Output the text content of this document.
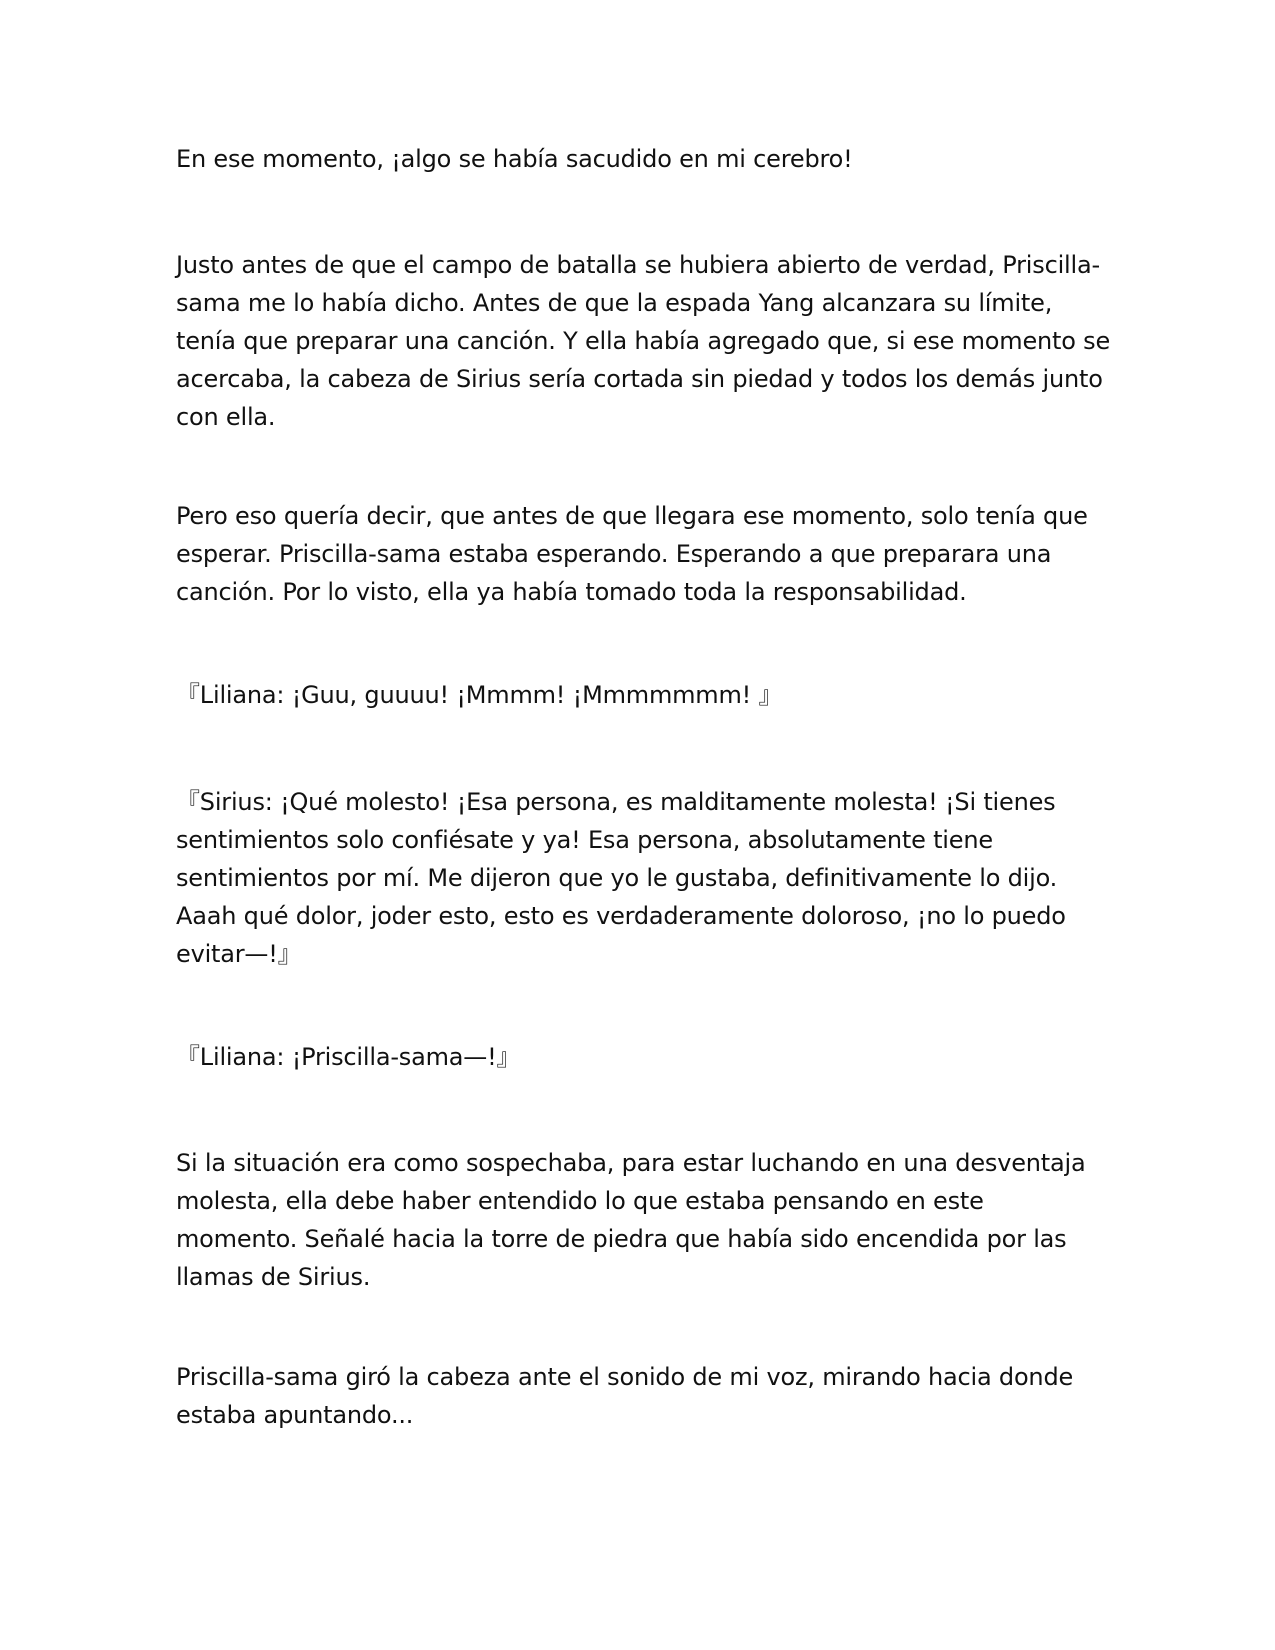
En ese momento, ¡algo se había sacudido en mi cerebro!

Justo antes de que el campo de batalla se hubiera abierto de verdad, Priscilla-sama me lo había dicho. Antes de que la espada Yang alcanzara su límite, tenía que preparar una canción. Y ella había agregado que, si ese momento se acercaba, la cabeza de Sirius sería cortada sin piedad y todos los demás junto con ella.

Pero eso quería decir, que antes de que llegara ese momento, solo tenía que esperar. Priscilla-sama estaba esperando. Esperando a que preparara una canción. Por lo visto, ella ya había tomado toda la responsabilidad.

『Liliana: ¡Guu, guuuu! ¡Mmmm! ¡Mmmmmmm! 』

『Sirius: ¡Qué molesto! ¡Esa persona, es malditamente molesta! ¡Si tienes sentimientos solo confiésate y ya! Esa persona, absolutamente tiene sentimientos por mí. Me dijeron que yo le gustaba, definitivamente lo dijo. Aaah qué dolor, joder esto, esto es verdaderamente doloroso, ¡no lo puedo evitar—!』

『Liliana: ¡Priscilla-sama—!』

Si la situación era como sospechaba, para estar luchando en una desventaja molesta, ella debe haber entendido lo que estaba pensando en este momento. Señalé hacia la torre de piedra que había sido encendida por las llamas de Sirius.

Priscilla-sama giró la cabeza ante el sonido de mi voz, mirando hacia donde estaba apuntando...
